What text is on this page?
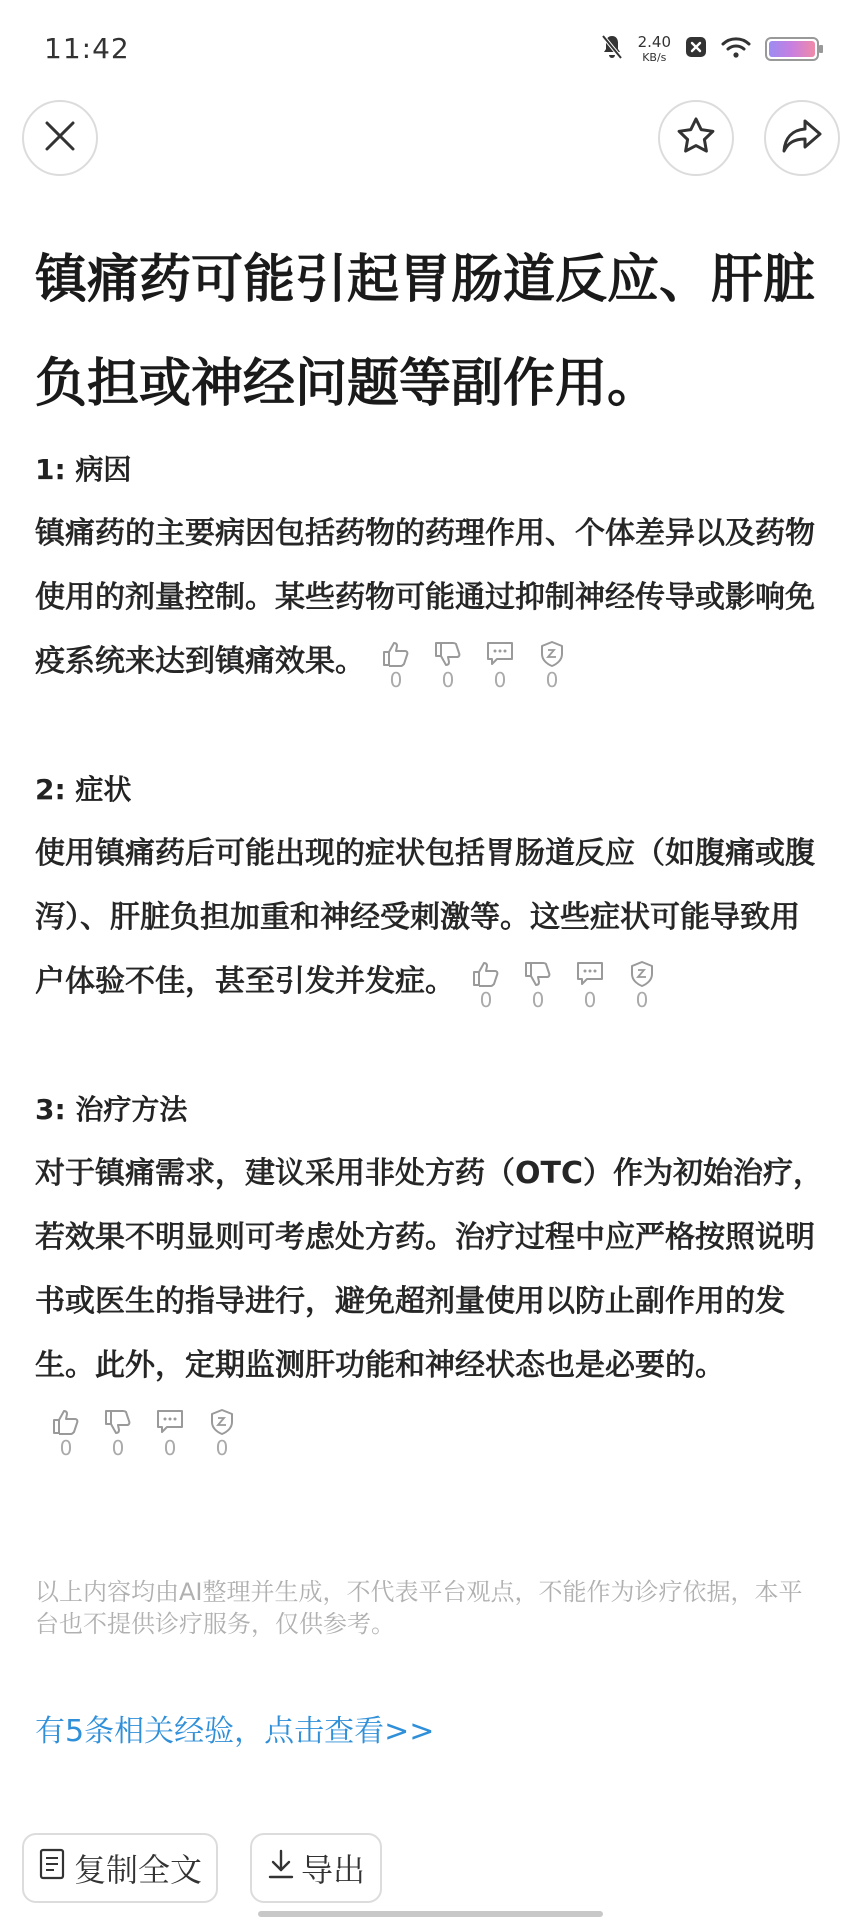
11:42	2.40
KB/s
镇痛药可能引起胃肠道反应、肝脏负担或神经问题等副作用。
1: 病因
镇痛药的主要病因包括药物的药理作用、个体差异以及药物使用的剂量控制。某些药物可能通过抑制神经传导或影响免疫系统来达到镇痛效果。
0 0 0 0
2: 症状
使用镇痛药后可能出现的症状包括胃肠道反应（如腹痛或腹泻）、肝脏负担加重和神经受刺激等。这些症状可能导致用户体验不佳，甚至引发并发症。
0 0 0 0
3: 治疗方法
对于镇痛需求，建议采用非处方药（OTC）作为初始治疗，若效果不明显则可考虑处方药。治疗过程中应严格按照说明书或医生的指导进行，避免超剂量使用以防止副作用的发生。此外，定期监测肝功能和神经状态也是必要的。
0 0 0 0
以上内容均由AI整理并生成，不代表平台观点，不能作为诊疗依据，本平台也不提供诊疗服务，仅供参考。
有5条相关经验，点击查看>>
复制全文	导出
